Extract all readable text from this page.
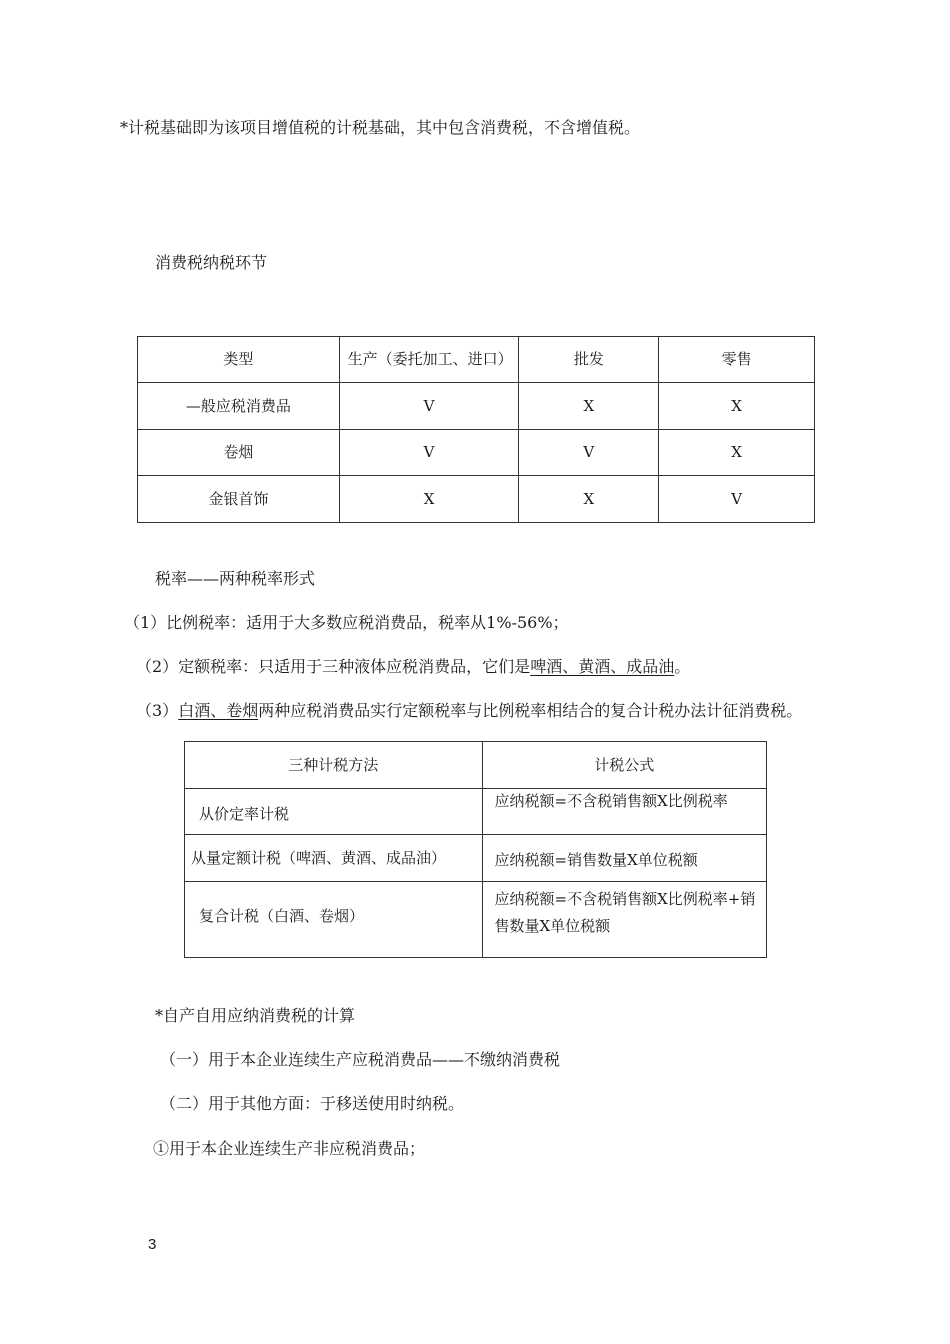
*计税基础即为该项目增值税的计税基础，其中包含消费税，不含增值税。
消费税纳税环节
类型	生产（委托加工、进口）	批发	零售
—般应税消费品	V	X	X
卷烟	V	V	X
金银首饰	X	X	V
税率——两种税率形式
（1）比例税率：适用于大多数应税消费品，税率从1%-56%；
（2）定额税率：只适用于三种液体应税消费品，它们是啤酒、黄酒、成品油。
（3）白酒、卷烟两种应税消费品实行定额税率与比例税率相结合的复合计税办法计征消费税。
三种计税方法	计税公式
从价定率计税	应纳税额=不含税销售额X比例税率
从量定额计税（啤酒、黄酒、成品油）	应纳税额=销售数量X单位税额
复合计税（白酒、卷烟）	应纳税额=不含税销售额X比例税率+销售数量X单位税额
*自产自用应纳消费税的计算
（一）用于本企业连续生产应税消费品——不缴纳消费税
（二）用于其他方面：于移送使用时纳税。
①用于本企业连续生产非应税消费品；
3
